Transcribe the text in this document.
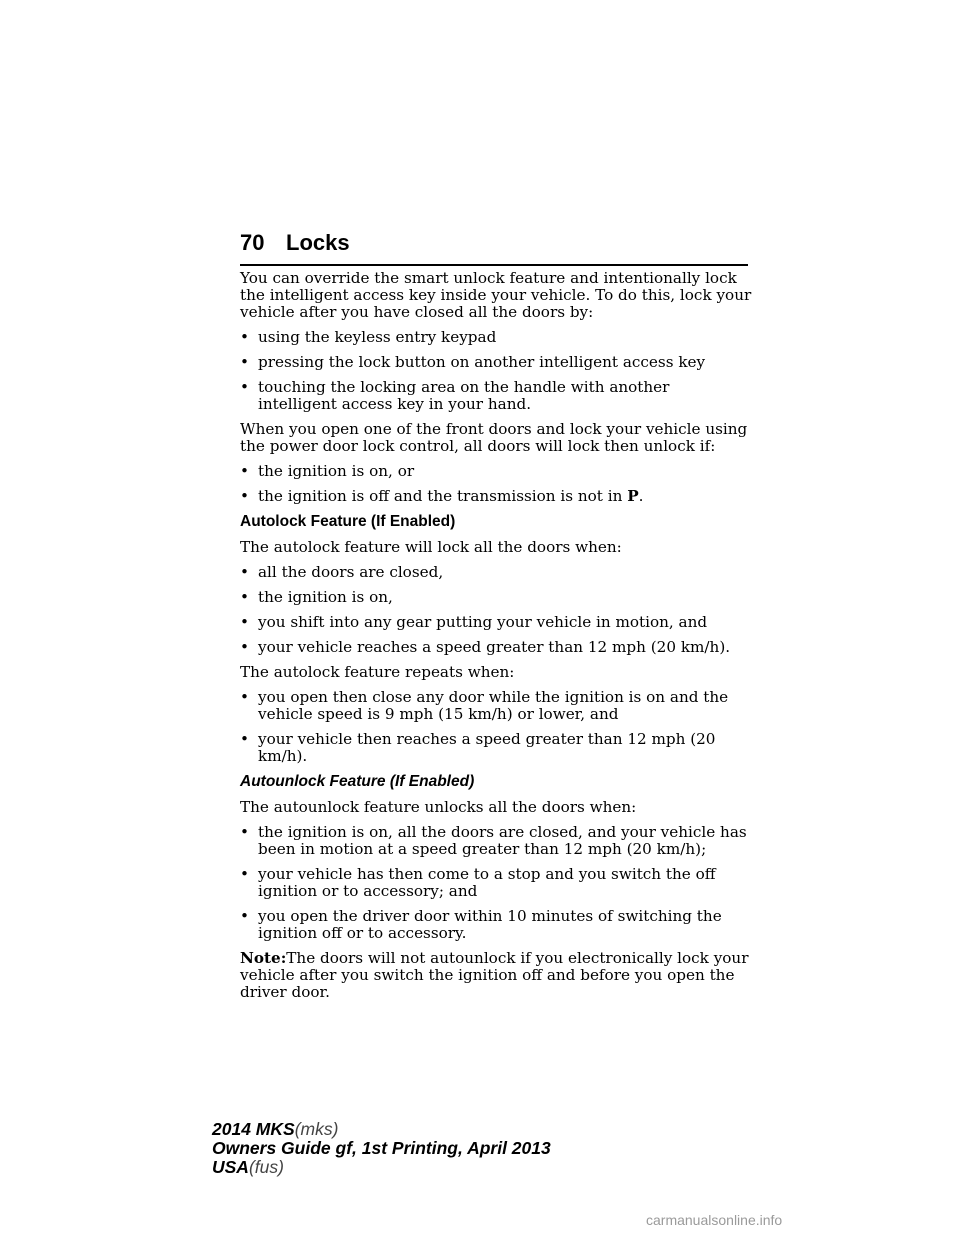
70 Locks

You can override the smart unlock feature and intentionally lock the intelligent access key inside your vehicle. To do this, lock your vehicle after you have closed all the doors by:

• using the keyless entry keypad
• pressing the lock button on another intelligent access key
• touching the locking area on the handle with another intelligent access key in your hand.

When you open one of the front doors and lock your vehicle using the power door lock control, all doors will lock then unlock if:

• the ignition is on, or
• the ignition is off and the transmission is not in P.
Autolock Feature (If Enabled)

The autolock feature will lock all the doors when:

• all the doors are closed,
• the ignition is on,
• you shift into any gear putting your vehicle in motion, and
• your vehicle reaches a speed greater than 12 mph (20 km/h).

The autolock feature repeats when:

• you open then close any door while the ignition is on and the vehicle speed is 9 mph (15 km/h) or lower, and
• your vehicle then reaches a speed greater than 12 mph (20 km/h).
Autounlock Feature (If Enabled)

The autounlock feature unlocks all the doors when:

• the ignition is on, all the doors are closed, and your vehicle has been in motion at a speed greater than 12 mph (20 km/h);
• your vehicle has then come to a stop and you switch the off ignition or to accessory; and
• you open the driver door within 10 minutes of switching the ignition off or to accessory.

Note:The doors will not autounlock if you electronically lock your vehicle after you switch the ignition off and before you open the driver door.

2014 MKS(mks)
Owners Guide gf, 1st Printing, April 2013
USA(fus)
carmanualsonline.info
